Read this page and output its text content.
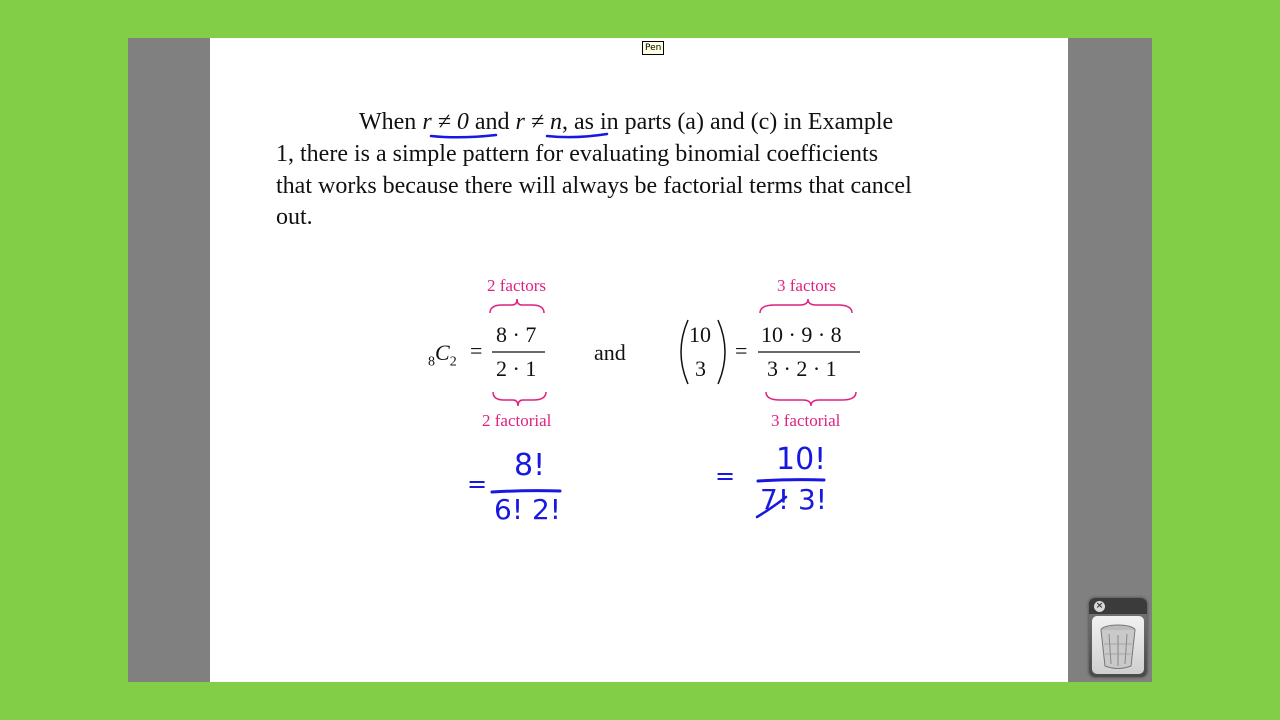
Pen
When r ≠ 0 and r ≠ n, as in parts (a) and (c) in Example
1, there is a simple pattern for evaluating binomial coefficients
that works because there will always be factorial terms that cancel
out.
2 factors
$_8C_2$ =
8 · 7
2 · 1
2 factorial
and
3 factors
10
3
=
10 · 9 · 8
3 · 2 · 1
3 factorial
=
8!
6! 2!
= 10!
7! 3!
×
